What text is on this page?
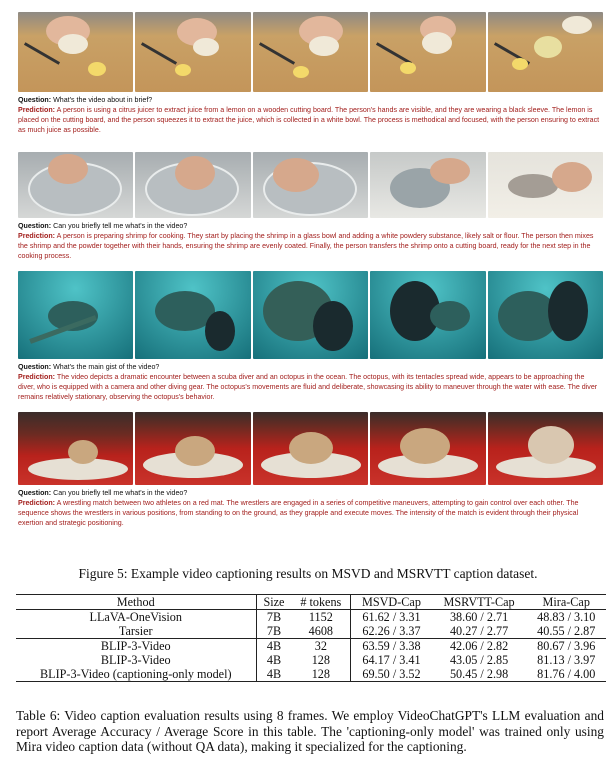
Question: What's the video about in brief?
Prediction: A person is using a citrus juicer to extract juice from a lemon on a wooden cutting board. The person's hands are visible, and they are wearing a black sleeve. The lemon is placed on the cutting board, and the person squeezes it to extract the juice, which is collected in a white bowl. The process is methodical and focused, with the person ensuring to extract as much juice as possible.
Question: Can you briefly tell me what's in the video?
Prediction: A person is preparing shrimp for cooking. They start by placing the shrimp in a glass bowl and adding a white powdery substance, likely salt or flour. The person then mixes the shrimp and the powder together with their hands, ensuring the shrimp are evenly coated. Finally, the person transfers the shrimp onto a cutting board, ready for the next step in the cooking process.
Question: What's the main gist of the video?
Prediction: The video depicts a dramatic encounter between a scuba diver and an octopus in the ocean. The octopus, with its tentacles spread wide, appears to be approaching the diver, who is equipped with a camera and other diving gear. The octopus's movements are fluid and deliberate, showcasing its ability to maneuver through the water with ease. The diver remains relatively stationary, observing the octopus's behavior.
Question: Can you briefly tell me what's in the video?
Prediction: A wrestling match between two athletes on a red mat. The wrestlers are engaged in a series of competitive maneuvers, attempting to gain control over each other. The sequence shows the wrestlers in various positions, from standing to on the ground, as they grapple and execute moves. The intensity of the match is evident through their physical exertion and strategic positioning.
Figure 5: Example video captioning results on MSVD and MSRVTT caption dataset.
Method	Size	# tokens	MSVD-Cap	MSRVTT-Cap	Mira-Cap
LLaVA-OneVision	7B	1152	61.62 / 3.31	38.60 / 2.71	48.83 / 3.10
Tarsier	7B	4608	62.26 / 3.37	40.27 / 2.77	40.55 / 2.87
BLIP-3-Video	4B	32	63.59 / 3.38	42.06 / 2.82	80.67 / 3.96
BLIP-3-Video	4B	128	64.17 / 3.41	43.05 / 2.85	81.13 / 3.97
BLIP-3-Video (captioning-only model)	4B	128	69.50 / 3.52	50.45 / 2.98	81.76 / 4.00
Table 6: Video caption evaluation results using 8 frames. We employ VideoChatGPT's LLM evaluation and report Average Accuracy / Average Score in this table. The 'captioning-only model' was trained only using Mira video caption data (without QA data), making it specialized for the captioning.
